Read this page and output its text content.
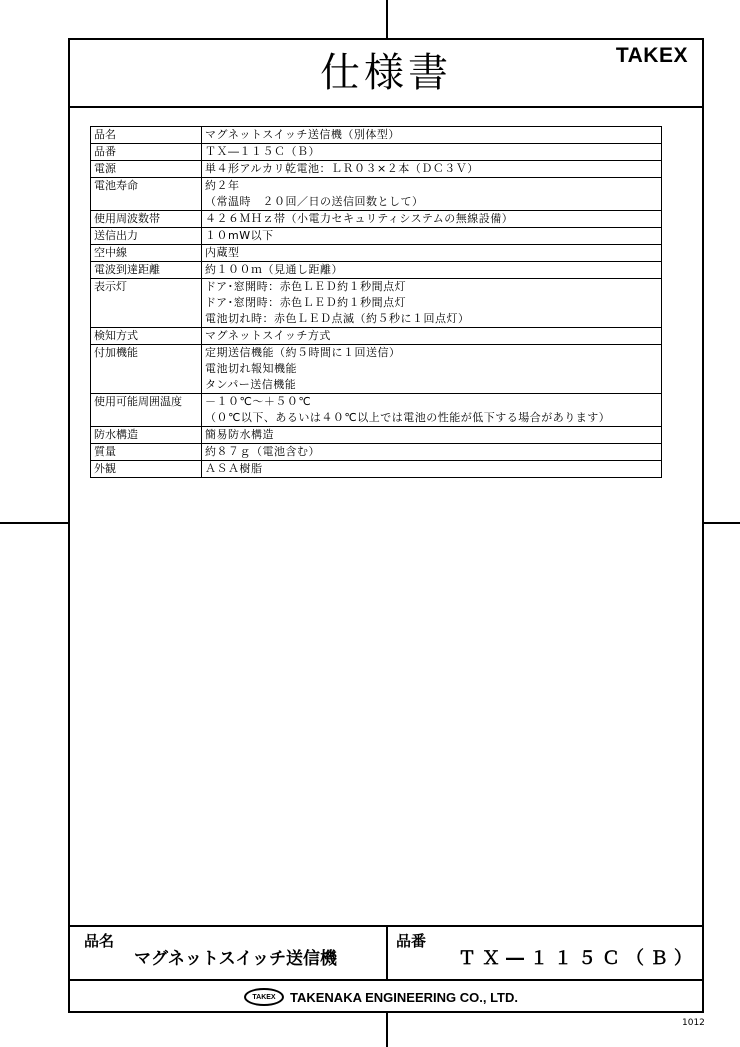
仕様書	TAKEX
品名	マグネットスイッチ送信機（別体型）

品番	ＴＸ―１１５Ｃ（Ｂ）

電源	単４形アルカリ乾電池：ＬＲ０３×２本（ＤＣ３Ｖ）

電池寿命	約２年
（常温時　２０回／日の送信回数として）

使用周波数帯	４２６ＭＨｚ帯（小電力セキュリティシステムの無線設備）

送信出力	１０mW以下

空中線	内蔵型

電波到達距離	約１００ｍ（見通し距離）

表示灯	ドア･窓開時：赤色ＬＥＤ約１秒間点灯
ドア･窓閉時：赤色ＬＥＤ約１秒間点灯
電池切れ時：赤色ＬＥＤ点滅（約５秒に１回点灯）

検知方式	マグネットスイッチ方式

付加機能	定期送信機能（約５時間に１回送信）
電池切れ報知機能
タンパー送信機能

使用可能周囲温度	－１０℃～＋５０℃
（０℃以下、あるいは４０℃以上では電池の性能が低下する場合があります）

防水構造	簡易防水構造

質量	約８７ｇ（電池含む）

外観	ＡＳＡ樹脂
品名
マグネットスイッチ送信機
品番
ＴＸ―１１５Ｃ（Ｂ）
TAKEX	TAKENAKA ENGINEERING CO., LTD.
1012
